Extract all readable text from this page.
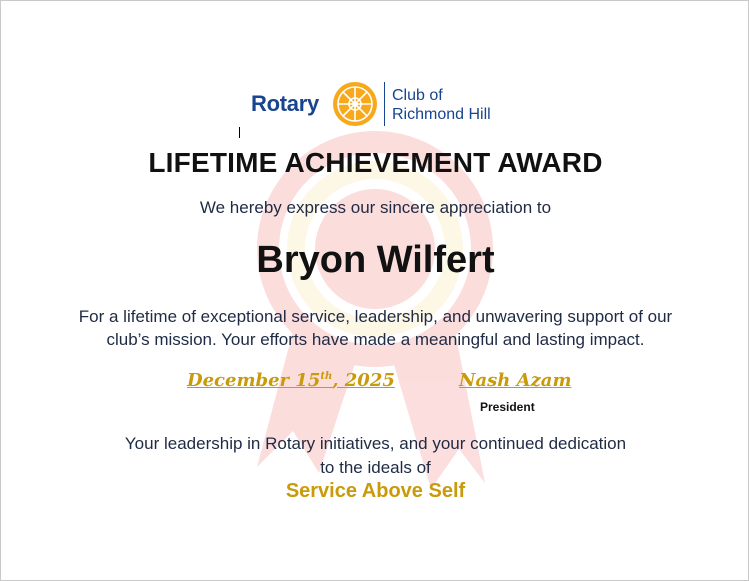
Rotary	Club of
Richmond Hill
LIFETIME ACHIEVEMENT AWARD
We hereby express our sincere appreciation to
Bryon Wilfert
For a lifetime of exceptional service, leadership, and unwavering support of our
club’s mission. Your efforts have made a meaningful and lasting impact.
December 15th, 2025	Nash Azam
President
Your leadership in Rotary initiatives, and your continued dedication
to the ideals of
Service Above Self
